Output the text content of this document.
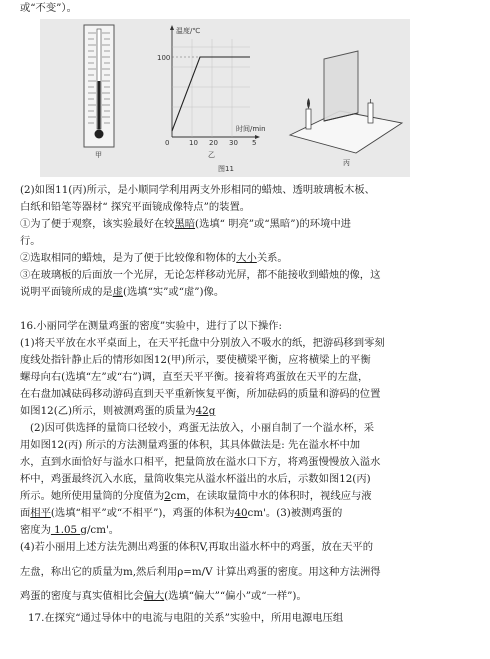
或“不变”）。
甲
温度/℃
时间/min
0
100
10 20 30 5
乙
丙
图11
(2)如图11(丙)所示，是小顺同学利用两支外形相同的蜡烛、透明玻璃板木板、
白纸和铅笔等器材“ 探究平面镜成像特点”的装置。
①为了便于观察，该实验最好在较黑暗(选填“ 明亮”或“黑暗”)的环境中进
行。
②选取相同的蜡烛，是为了便于比较像和物体的大小关系。
③在玻璃板的后面放一个光屏，无论怎样移动光屏，都不能接收到蜡烛的像，这
说明平面镜所成的是虚(选填“实”或“虚”)像。
16.小丽同学在测量鸡蛋的密度”实验中，进行了以下操作:
(1)将天平放在水平桌面上，在天平托盘中分别放入不吸水的纸，把游码移到零刻
度线处指针静止后的情形如图12(甲)所示，要使横梁平衡，应将横梁上的平衡
螺母向右(选填“左”或“右”)调，直至天平平衡。接着将鸡蛋放在天平的左盘，
在右盘加减砝码移动游码直到天平重新恢复平衡，所加砝码的质量和游码的位置
如图12(乙)所示，则被测鸡蛋的质量为42g
(2)因可供选择的量筒口径较小，鸡蛋无法放入，小丽自制了一个溢水杯，采
用如图12(丙) 所示的方法测量鸡蛋的体积，其具体做法是: 先在溢水杯中加
水，直到水面恰好与溢水口相平，把量筒放在溢水口下方，将鸡蛋慢慢放入溢水
杯中，鸡蛋最终沉入水底，量筒收集完从溢水杯溢出的水后，示数如图12(丙)
所示。她所使用量筒的分度值为2cm，在读取量筒中水的体积时，视线应与液
面相平(选填“相平”或“不相平”)，鸡蛋的体积为40cm'。(3)被测鸡蛋的
密度为 1.05 g/cm'。
(4)若小丽用上述方法先测出鸡蛋的体积V,再取出溢水杯中的鸡蛋，放在天平的
左盘，称出它的质量为m,然后利用ρ=m/V 计算出鸡蛋的密度。用这种方法洲得
鸡蛋的密度与真实值相比会偏大(选填“偏大”“偏小”或“一样”)。
17.在探究“通过导体中的电流与电阻的关系”实验中，所用电源电压组
